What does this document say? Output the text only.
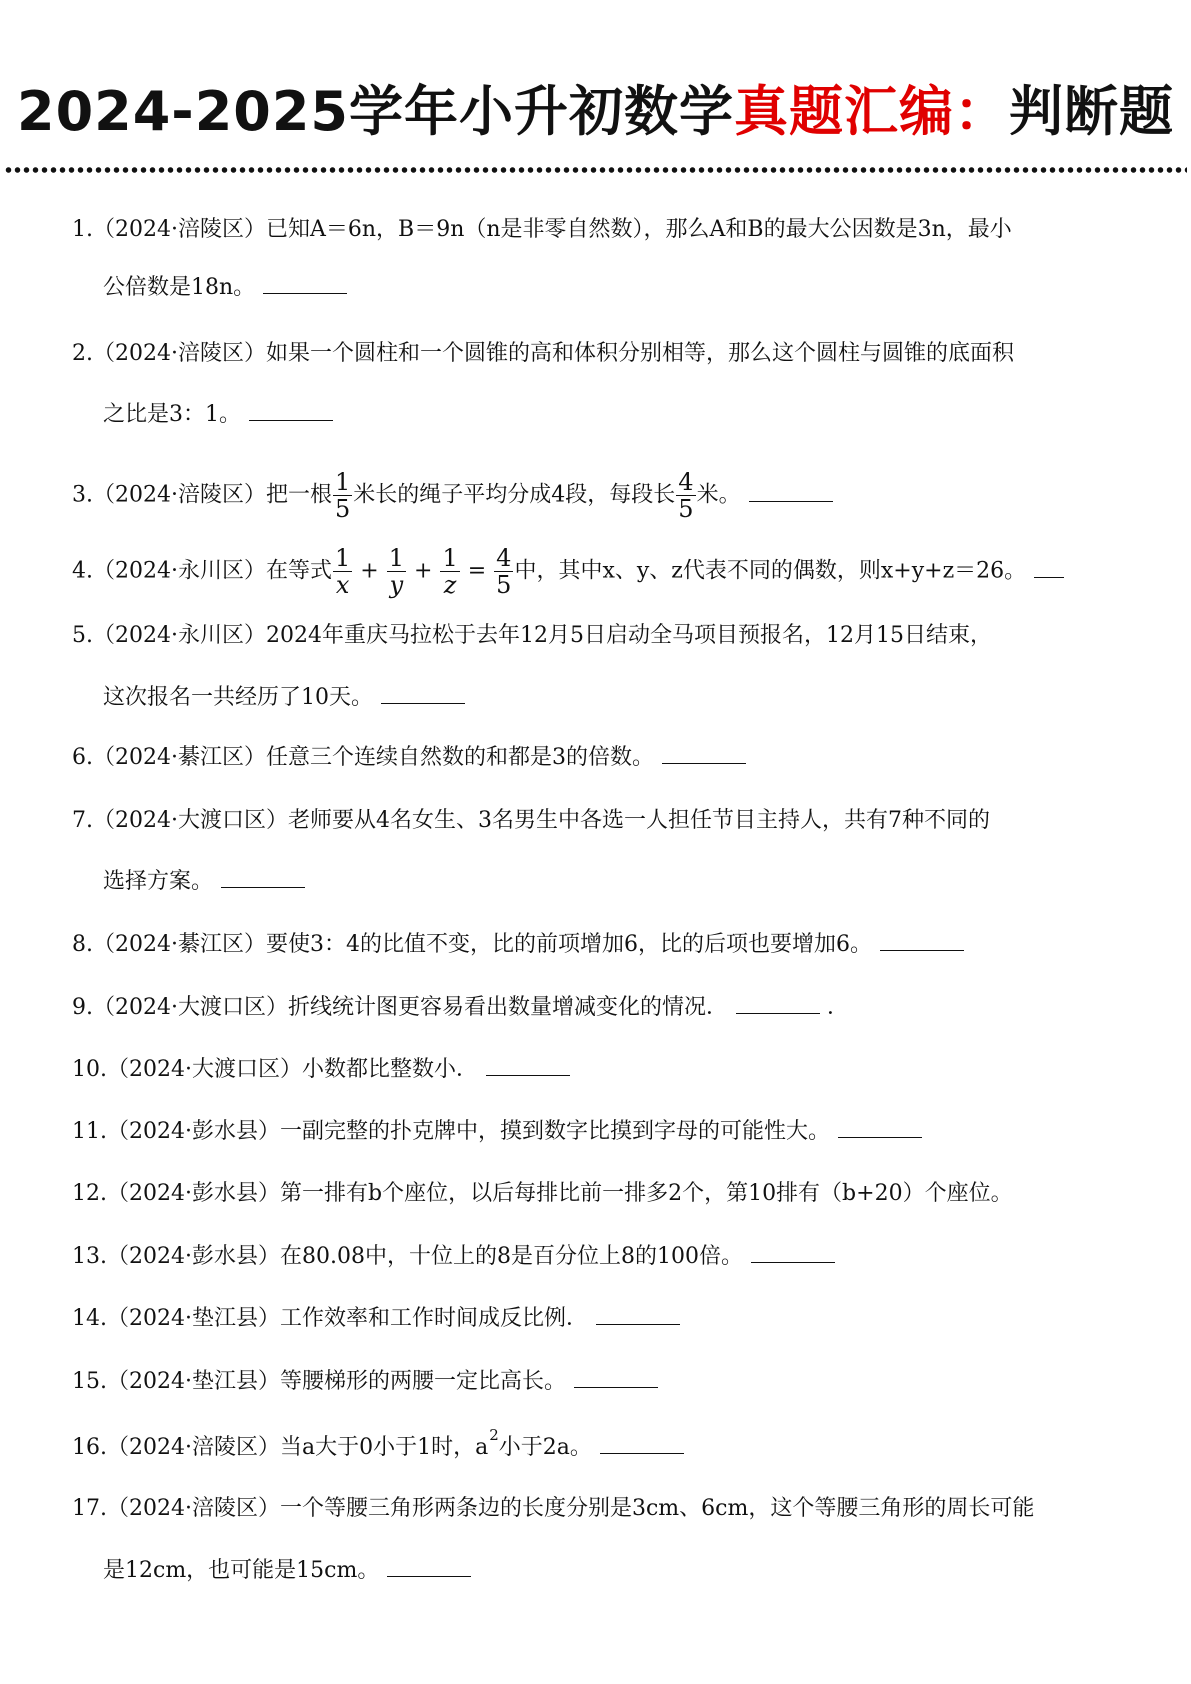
2024-2025学年小升初数学真题汇编：判断题
1.（2024·涪陵区）已知A＝6n，B＝9n（n是非零自然数），那么A和B的最大公因数是3n，最小
公倍数是18n。
2.（2024·涪陵区）如果一个圆柱和一个圆锥的高和体积分别相等，那么这个圆柱与圆锥的底面积
之比是3：1。
3.（2024·涪陵区）把一根 $\frac{1}{5}$ 米长的绳子平均分成4段，每段长 $\frac{4}{5}$ 米。
4.（2024·永川区）在等式 $\frac{1}{x} + \frac{1}{y} + \frac{1}{z} = \frac{4}{5}$ 中，其中x、y、z代表不同的偶数，则x+y+z＝26。
5.（2024·永川区）2024年重庆马拉松于去年12月5日启动全马项目预报名，12月15日结束，
这次报名一共经历了10天。
6.（2024·綦江区）任意三个连续自然数的和都是3的倍数。
7.（2024·大渡口区）老师要从4名女生、3名男生中各选一人担任节目主持人，共有7种不同的
选择方案。
8.（2024·綦江区）要使3：4的比值不变，比的前项增加6，比的后项也要增加6。
9.（2024·大渡口区）折线统计图更容易看出数量增减变化的情况．	．
10.（2024·大渡口区）小数都比整数小．
11.（2024·彭水县）一副完整的扑克牌中，摸到数字比摸到字母的可能性大。
12.（2024·彭水县）第一排有b个座位，以后每排比前一排多2个，第10排有（b+20）个座位。
13.（2024·彭水县）在80.08中，十位上的8是百分位上8的100倍。
14.（2024·垫江县）工作效率和工作时间成反比例．
15.（2024·垫江县）等腰梯形的两腰一定比高长。
16.（2024·涪陵区）当a大于0小于1时，$a^2$小于2a。
17.（2024·涪陵区）一个等腰三角形两条边的长度分别是3cm、6cm，这个等腰三角形的周长可能
是12cm，也可能是15cm。
